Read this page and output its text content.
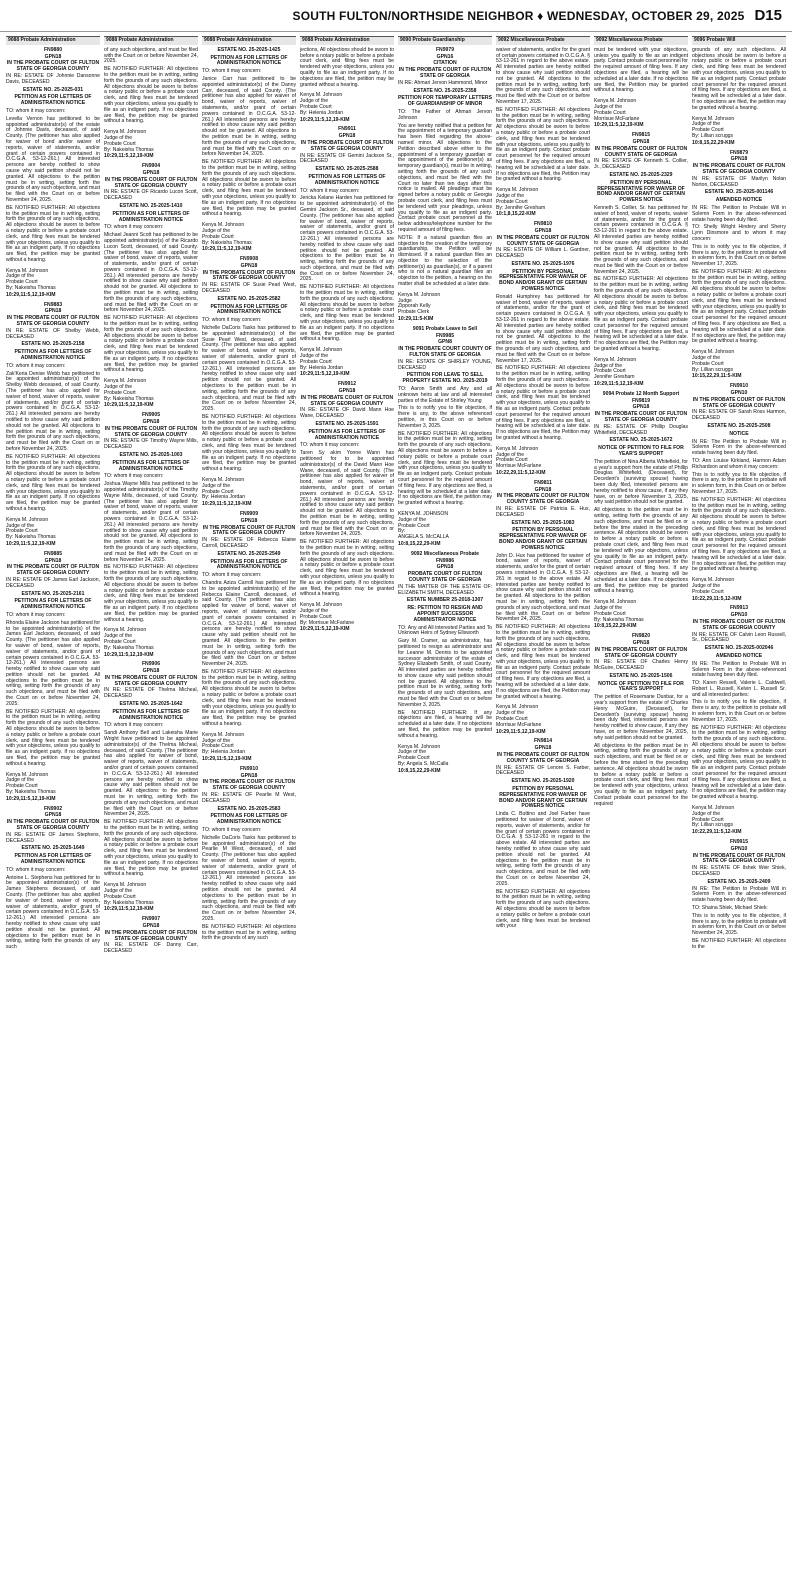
SOUTH FULTON/NORTHSIDE NEIGHBOR ♦ WEDNESDAY, OCTOBER 29, 2025 D15
9088 Probate Administration
FN9880
GPN18
IN THE PROBATE COURT OF FULTON STATE OF GEORGIA COUNTY

IN RE: ESTATE OF Johnnie Dansonne Davis, DECEASED

ESTATE NO. 25-2025-031
PETITION AS FOR LETTERS OF ADMINISTRATION NOTICE

TO: whom it may concern:

Levella Vernon has petitioned to be appointed administrator(s) of the estate of Johnnie Davis, deceased, of said County. (The petitioner has also applied for waiver of bond and/or waiver of reports, waiver of statements, and/or grant of certain powers contained in O.C.G.A. 53-12-261.) All interested persons are hereby notified to show cause why said petition should not be granted. All objections to the petition must be in writing, setting forth the grounds of any such objections, and must be filed with the Court on or before November 24, 2025.

BE NOTIFIED FURTHER: All objections to the petition must be in writing, setting forth the grounds of any such objections. All objections should be sworn to before a notary public or before a probate court clerk, and filing fees must be tendered with your objections, unless you qualify to file as an indigent party. If no objections are filed, the petition may be granted without a hearing.

Kenya M. Johnson
Judge of the
Probate Court
By: Nakeisha Thomas
10:29,11:5,12,19-KIM
FN9883
GPN18
IN THE PROBATE COURT OF FULTON STATE OF GEORGIA COUNTY

IN RE: ESTATE OF Shelby Webb, DECEASED

ESTATE NO. 25-2025-2158
PETITION AS FOR LETTERS OF ADMINISTRATION NOTICE

TO: whom it may concern:

Zak'Keria Denise Webb has petitioned to be appointed administrator(s) of the Shelby Webb deceased, of said County. (The petitioner has also applied for waiver of bond, waiver of reports, waiver of statements, and/or grant of certain powers contained in O.C.G.A. 53-12-261.) All interested persons are hereby notified to show cause why said petition should not be granted. All objections to the petition must be in writing, setting forth the grounds of any such objections, and must be filed with the Court on or before November 24, 2025.

BE NOTIFIED FURTHER: All objections to the petition must be in writing, setting forth the grounds of any such objections. All objections should be sworn to before a notary public or before a probate court clerk, and filing fees must be tendered with your objections, unless you qualify to file as an indigent party. If no objections are filed, the petition may be granted without a hearing.

Kenya M. Johnson
Judge of the
Probate Court
By: Nakeisha Thomas
10:29,11:5,12,19-KIM
FN9885
GPN18
IN THE PROBATE COURT OF FULTON STATE OF GEORGIA COUNTY

IN RE: ESTATE OF James Earl Jackson, DECEASED

ESTATE NO. 25-2025-2161
PETITION AS FOR LETTERS OF ADMINISTRATION NOTICE

TO: whom it may concern:

Rhonda Elaine Jackson has petitioned for to be appointed administrator(s) of the James Earl Jackson, deceased, of said County. (The petitioner has also applied for waiver of bond, waiver of reports, waiver of statements, and/or grant of certain powers contained in O.C.G.A. 53-12-261.) All interested persons are hereby notified to show cause why said petition should not be granted. All objections to the petition must be in writing, setting forth the grounds of any such objections, and must be filed with the Court on or before November 24, 2025.

BE NOTIFIED FURTHER: All objections to the petition must be in writing, setting forth the grounds of any such objections. All objections should be sworn to before a notary public or before a probate court clerk, and filing fees must be tendered with your objections, unless you qualify to file as an indigent party. If no objections are filed, the petition may be granted without a hearing.

Kenya M. Johnson
Judge of the
Probate Court
By: Nakeisha Thomas
10:29,11:5,12,19-KIM
FN9902
GPN18
IN THE PROBATE COURT OF FULTON STATE OF GEORGIA COUNTY

IN RE: ESTATE OF James Stephens, DECEASED

ESTATE NO. 25-2025-1649
PETITION AS FOR LETTERS OF ADMINISTRATION NOTICE

TO: whom it may concern:

Antoine L. Stephens has petitioned for to be appointed administrator(s) of the James Stephens deceased, of said County. (The petitioner has also applied for waiver of bond, waiver of reports, waiver of statements, and/or grant of certain powers contained in O.C.G.A. 53-12-261.) All interested persons are hereby notified to show cause why said petition should not be granted. All objections to the petition must be in writing, setting forth the grounds of any such

9088 Probate Administration

of any such objections, and must be filed with the Court on or before November 24, 2025.

BE NOTIFIED FURTHER: All objections to the petition must be in writing, setting forth the grounds of any such objections. All objections should be sworn to before a notary public or before a probate court clerk, and filing fees must be tendered with your objections, unless you qualify to file as an indigent party. If no objections are filed, the petition may be granted without a hearing.

Kenya M. Johnson
Judge of the
Probate Court
By: Nakeisha Thomas
10:29,11:5,12,19-KIM
FN9904
GPN18
IN THE PROBATE COURT OF FULTON STATE OF GEORGIA COUNTY

IN RE: ESTATE OF Ricardo Lucon Scott, DECEASED

ESTATE NO. 25-2025-1410
PETITION AS FOR LETTERS OF ADMINISTRATION NOTICE

TO: whom it may concern:

Michael Jeanni Scott has petitioned to be appointed administrator(s) of the Ricardo Lucon Scott, deceased, of said County. (The petitioner has also applied for waiver of bond, waiver of reports, waiver of statements, and/or grant of certain powers contained in O.C.G.A. 53-12-261.) All interested persons are hereby notified to show cause why said petition should not be granted. All objections to the petition must be in writing, setting forth the grounds of any such objections, and must be filed with the Court on or before November 24, 2025.

BE NOTIFIED FURTHER: All objections to the petition must be in writing, setting forth the grounds of any such objections. All objections should be sworn to before a notary public or before a probate court clerk, and filing fees must be tendered with your objections, unless you qualify to file as an indigent party. If no objections are filed, the petition may be granted without a hearing.

Kenya M. Johnson
Judge of the
Probate Court
By: Nakeisha Thomas
10:29,11:5,12,19-KIM
FN9905
GPN18
IN THE PROBATE COURT OF FULTON STATE OF GEORGIA COUNTY

IN RE: ESTATE OF Timothy Wayne Mills, DECEASED

ESTATE NO. 25-2025-1003
PETITION AS FOR LETTERS OF ADMINISTRATION NOTICE

TO: whom it may concern:

Joshua Wayne Mills has petitioned to be appointed administrator(s) of the Timothy Wayne Mills, deceased, of said County. (The petitioner has also applied for waiver of bond, waiver of reports, waiver of statements, and/or grant of certain powers contained in O.C.G.A. 53-12-261.) All interested persons are hereby notified to show cause why said petition should not be granted. All objections to the petition must be in writing, setting forth the grounds of any such objections, and must be filed with the Court on or before November 24, 2025.

BE NOTIFIED FURTHER: All objections to the petition must be in writing, setting forth the grounds of any such objections. All objections should be sworn to before a notary public or before a probate court clerk, and filing fees must be tendered with your objections, unless you qualify to file as an indigent party. If no objections are filed, the petition may be granted without a hearing.

Kenya M. Johnson
Judge of the
Probate Court
By: Nakeisha Thomas
10:29,11:5,12,19-KIM
FN9906
GPN18
IN THE PROBATE COURT OF FULTON STATE OF GEORGIA COUNTY

IN RE: ESTATE OF Thelma Micheal, DECEASED

ESTATE NO. 25-2025-1642
PETITION AS FOR LETTERS OF ADMINISTRATION NOTICE

TO: whom it may concern:

Sandi Anthony Bell and Lakeisha Marie Wright have petitioned to be appointed administrator(s) of the Thelma Micheal, deceased, of said County. (The petitioner has also applied for waiver of bond, waiver of reports, waiver of statements, and/or grant of certain powers contained in O.C.G.A. 53-12-261.) All interested persons are hereby notified to show cause why said petition should not be granted. All objections to the petition must be in writing, setting forth the grounds of any such objections, and must be filed with the Court on or before November 24, 2025.

BE NOTIFIED FURTHER: All objections to the petition must be in writing, setting forth the grounds of any such objections. All objections should be sworn to before a notary public or before a probate court clerk, and filing fees must be tendered with your objections, unless you qualify to file as an indigent party. If no objections are filed, the petition may be granted without a hearing.

Kenya M. Johnson
Judge of the
Probate Court
By: Nakeisha Thomas
10:29,11:5,12,19-KIM
FN9907
GPN18
IN THE PROBATE COURT OF FULTON STATE OF GEORGIA COUNTY

IN RE: ESTATE OF Danny Carr, DECEASED

9088 Probate Administration
ESTATE NO. 25-2025-1425
PETITION AS FOR LETTERS OF ADMINISTRATION NOTICE

TO: whom it may concern:

Janice Carr has petitioned to be appointed administrator(s) of the Danny Carr, deceased, of said County. (The petitioner has also applied for waiver of bond, waiver of reports, waiver of statements, and/or grant of certain powers contained in O.C.G.A. 53-12-261.) All interested persons are hereby notified to show cause why said petition should not be granted. All objections to the petition must be in writing, setting forth the grounds of any such objections, and must be filed with the Court on or before November 24, 2025.

BE NOTIFIED FURTHER: All objections to the petition must be in writing, setting forth the grounds of any such objections. All objections should be sworn to before a notary public or before a probate court clerk, and filing fees must be tendered with your objections, unless you qualify to file as an indigent party. If no objections are filed, the petition may be granted without a hearing.

Kenya M. Johnson
Judge of the
Probate Court
By: Nakeisha Thomas
10:29,11:5,12,19-KIM
FN9908
GPN18
IN THE PROBATE COURT OF FULTON STATE OF GEORGIA COUNTY

IN RE: ESTATE OF Susie Pearl West, DECEASED

ESTATE NO. 25-2025-2582
PETITION AS FOR LETTERS OF ADMINISTRATION NOTICE

TO: whom it may concern:

Nichelle DaCoris Tasks has petitioned to be appointed administrator(s) of the Susie Pearl West, deceased, of said County. (The petitioner has also applied for waiver of bond, waiver of reports, waiver of statements, and/or grant of certain powers contained in O.C.G.A. 53-12-261.) All interested persons are hereby notified to show cause why said petition should not be granted. All objections to the petition must be in writing, setting forth the grounds of any such objections, and must be filed with the Court on or before November 24, 2025.

BE NOTIFIED FURTHER: All objections to the petition must be in writing, setting forth the grounds of any such objections. All objections should be sworn to before a notary public or before a probate court clerk, and filing fees must be tendered with your objections, unless you qualify to file as an indigent party. If no objections are filed, the petition may be granted without a hearing.

Kenya M. Johnson
Judge of the
Probate Court
By: Helenia Jordan
10:29,11:5,12,19-KIM
FN9909
GPN18
IN THE PROBATE COURT OF FULTON STATE OF GEORGIA COUNTY

IN RE: ESTATE OF Rebecca Elaine Carroll, DECEASED

ESTATE NO. 25-2025-2549
PETITION AS FOR LETTERS OF ADMINISTRATION NOTICE

TO: whom it may concern:

Chandra Aziza Carroll has petitioned for to be appointed administrator(s) of the Rebecca Elaine Carroll, deceased, of said County. (The petitioner has also applied for waiver of bond, waiver of reports, waiver of statements, and/or grant of certain powers contained in O.C.G.A. 53-12-261.) All interested persons are hereby notified to show cause why said petition should not be granted. All objections to the petition must be in writing, setting forth the grounds of any such objections, and must be filed with the Court on or before November 24, 2025.

BE NOTIFIED FURTHER: All objections to the petition must be in writing, setting forth the grounds of any such objections. All objections should be sworn to before a notary public or before a probate court clerk, and filing fees must be tendered with your objections, unless you qualify to file as an indigent party. If no objections are filed, the petition may be granted without a hearing.

Kenya M. Johnson
Judge of the
Probate Court
By: Helenia Jordan
10:29,11:5,12,19-KIM
FN9910
GPN18
IN THE PROBATE COURT OF FULTON STATE OF GEORGIA COUNTY

IN RE: ESTATE OF Pearlie M West, DECEASED

ESTATE NO. 25-2025-2583
PETITION AS FOR LETTERS OF ADMINISTRATION NOTICE

TO: whom it may concern:

Nichelle DaCoris Tasks has petitioned to be appointed administrator(s) of the Pearlie M West, deceased, of said County. (The petitioner has also applied for waiver of bond, waiver of reports, waiver of statements, and/or grant of certain powers contained in O.C.G.A. 53-12-261.) All interested persons are hereby notified to show cause why said petition should not be granted. All objections to the petition must be in writing, setting forth the grounds of any such objections, and must be filed with the Court on or before November 24, 2025.

BE NOTIFIED FURTHER: All objections to the petition must be in writing, setting forth the grounds of any such

9088 Probate Administration

jections, All objections should be sworn to before a notary public or before a probate court clerk, and filing fees must be tendered with your objections, unless you qualify to file as an indigent party. If no objections are filed, the petition may be granted without a hearing.

Kenya M. Johnson
Judge of the
Probate Court
By: Helenia Jordan
10:29,11:5,12,19-KIM
FN9911
GPN18
IN THE PROBATE COURT OF FULTON STATE OF GEORGIA COUNTY

IN RE: ESTATE OF Gemini Jackson Sr., DECEASED

ESTATE NO. 25-2025-2588
PETITION AS FOR LETTERS OF ADMINISTRATION NOTICE

TO: whom it may concern:

Jericka Kelane Harden has petitioned for to be appointed administrator(s) of the Gemini Jackson Sr., deceased, of said County. (The petitioner has also applied for waiver of bond, waiver of reports, waiver of statements, and/or grant of certain powers contained in O.C.G.A. 53-12-261.) All interested persons are hereby notified to show cause why said petition should not be granted. All objections to the petition must be in writing, setting forth the grounds of any such objections, and must be filed with the Court on or before November 24, 2025.

BE NOTIFIED FURTHER: All objections to the petition must be in writing, setting forth the grounds of any such objections. All objections should be sworn to before a notary public or before a probate court clerk, and filing fees must be tendered with your objections, unless you qualify to file as an indigent party. If no objections are filed, the petition may be granted without a hearing.

Kenya M. Johnson
Judge of the
Probate Court
By: Helenia Jordan
10:29,11:5,12,19-KIM
FN9912
GPN18
IN THE PROBATE COURT OF FULTON STATE OF GEORGIA COUNTY

IN RE: ESTATE OF David Mann Hoe Wane, DECEASED

ESTATE NO. 25-2025-1591
PETITION AS FOR LETTERS OF ADMINISTRATION NOTICE

TO: whom it may concern:

Taren Sy akim Yonne Wann has petitioned for to be appointed administrator(s) of the David Mann Hoe Wane, deceased, of said County. (The petitioner has also applied for waiver of bond, waiver of reports, waiver of statements, and/or grant of certain powers contained in O.C.G.A. 53-12-261.) All interested persons are hereby notified to show cause why said petition should not be granted. All objections to the petition must be in writing, setting forth the grounds of any such objections, and must be filed with the Court on or before November 24, 2025.

BE NOTIFIED FURTHER: All objections to the petition must be in writing, setting forth the grounds of any such objections. All objections should be sworn to before a notary public or before a probate court clerk, and filing fees must be tendered with your objections, unless you qualify to file as an indigent party. If no objections are filed, the petition may be granted without a hearing.

Kenya M. Johnson
Judge of the
Probate Court
By: Morrisue McFarlane
10:29,11:5,12,19-KIM
9090 Probate Guardianship
FN9979
GPN16
CITATION
IN THE PROBATE COURT OF FULTON STATE OF GEORGIA

IN RE: Ahmari Jervon Hammond, Minor

ESTATE NO. 25-2025-2358
PETITION FOR TEMPORARY LETTERS OF GUARDIANSHIP OF MINOR

TO: The Father of Ahmari Jervon Johnson

You are hereby notified that a petition for the appointment of a temporary guardian has been filed regarding the above-named minor. All objections to the Petition described above either to the appointment of a temporary guardian or the appointment of the petitioner(s) as temporary guardian(s), must be in writing, setting forth the grounds of any such objections, and must be filed with the Court no later than ten days after this notice is mailed. All pleadings must be signed before a notary public or Georgia probate court clerk, and filing fees must be tendered with your pleadings, unless you qualify to file as an indigent party. Contact probate court personnel at the below address/telephone number for the required amount of filing fees.

NOTE: If a natural guardian files an objection to the creation of the temporary guardianship, the Petition will be dismissed. If a natural guardian files an objection to the selection of the petitioner(s) as guardian(s), or if a parent who is not a natural guardian files an objection to the petition, a hearing on the matter shall be scheduled at a later date.

Kenya M. Johnson
Judge
Zipporah Kelly
Probate Clerk
10:29,11:5-KIM
9091 Probate Leave to Sell
FN9985
GPN8
IN THE PROBATE COURT COUNTY OF FULTON STATE OF GEORGIA

IN RE: ESTATE OF SHIRLEY YOUNG, DECEASED

PETITION FOR LEAVE TO SELL PROPERTY ESTATE NO. 2025-2019

TO: Aaron Smith and Any and all unknown heirs at law and all interested parties of the Estate of Shirley Young

This is to notify you to file objection, if there is any, to the above referenced petition, in this Court on or before November 3, 2025.

BE NOTIFIED FURTHER: All objections to the petition must be in writing, setting forth the grounds of any such objections. All objections must be sworn to before a notary public or before a probate court clerk, and filing fees must be tendered with your objections, unless you qualify to file as an indigent party. Contact probate court personnel for the required amount of filing fees. If any objections are filed, a hearing will be scheduled at a later date. If no objections are filed, the petition may be granted without a hearing.

KENYA M. JOHNSON
Judge of the
Probate Court
By:
ANGELA S. McCALLA
10:8,15,22,29-KIM
9092 Miscellaneous Probate
FN9986
GPN18
PROBATE COURT OF FULTON COUNTY STATE OF GEORGIA

IN THE MATTER OF THE ESTATE OF: ELIZABETH SMITH, DECEASED

ESTATE NUMBER 25-2018-1307
RE: PETITION TO RESIGN AND APPOINT SUCCESSOR ADMINISTRATOR NOTICE

TO: Any and All interested Parties and To Unknown Heirs of Sydney Ellsworth

Gary M. Cramer, as administrator, has petitioned to resign as administrator and for Leanne M. Dennis to be appointed successor administrator of the estate of Sydney Elizabeth Smith, of said County. All interested parties are hereby notified to show cause why said petition should not be granted. All objections to the petition must be in writing, setting forth the grounds of any such objections, and must be filed with the Court on or before November 3, 2025.

BE NOTIFIED FURTHER: If any objections are filed, a hearing will be scheduled at a later date. If no objections are filed, the petition may be granted without a hearing.

Kenya M. Johnson
Judge of the
Probate Court
By: Angela S. McCalla
10:8,15,22,29-KIM
9092 Miscellaneous Probate

waiver of statements, and/or for the grant of certain powers contained in O.C.G.A. § 53-12-261 in regard to the above estate. All interested parties are hereby notified to show cause why said petition should not be granted. All objections to the petition must be in writing, setting forth the grounds of any such objections, and must be filed with the Court on or before November 17, 2025.

BE NOTIFIED FURTHER: All objections to the petition must be in writing, setting forth the grounds of any such objections. All objections should be sworn to before a notary public or before a probate court clerk, and filing fees must be tendered with your objections, unless you qualify to file as an indigent party. Contact probate court personnel for the required amount of filing fees. If any objections are filed, a hearing will be scheduled at a later date. If no objections are filed, the Petition may be granted without a hearing.

Kenya M. Johnson
Judge of the
Probate Court
By: Jennifer Gresham
10:1,8,15,22-KIM
FN9810
GPN18
IN THE PROBATE COURT OF FULTON COUNTY STATE OF GEORGIA

IN RE: ESTATE OF William L. Gardner, DECEASED

ESTATE NO. 25-2025-1976
PETITION BY PERSONAL REPRESENTATIVE FOR WAIVER OF BOND AND/OR GRANT OF CERTAIN POWERS NOTICE

Ronald Humphrey has petitioned for waiver of bond, waiver of reports, waiver of statements, and/or for the grant of certain powers contained in O.C.G.A. § 53-12-261 in regard to the above estate. All interested parties are hereby notified to show cause why said petition should not be granted. All objections to the petition must be in writing, setting forth the grounds of any such objections, and must be filed with the Court on or before November 17, 2025.

BE NOTIFIED FURTHER: All objections to the petition must be in writing, setting forth the grounds of any such objections. All objections should be sworn to before a notary public or before a probate court clerk, and filing fees must be tendered with your objections, unless you qualify to file as an indigent party. Contact probate court personnel for the required amount of filing fees. If any objections are filed, a hearing will be scheduled at a later date. If no objections are filed, the Petition may be granted without a hearing.

Kenya M. Johnson
Judge of the
Probate Court
Morrisue McFarlane
10:22,29,11:5,12-KIM
FN9811
GPN18
IN THE PROBATE COURT OF FULTON COUNTY STATE OF GEORGIA

IN RE: ESTATE OF Patricia E. Hux, DECEASED

ESTATE NO. 25-2025-1083
PETITION BY PERSONAL REPRESENTATIVE FOR WAIVER OF BOND AND/OR GRANT OF CERTAIN POWERS NOTICE

John D. Hux has petitioned for waiver of bond, waiver of reports, waiver of statements, and/or for the grant of certain powers contained in O.C.G.A. § 53-12-261 in regard to the above estate. All interested parties are hereby notified to show cause why said petition should not be granted. All objections to the petition must be in writing, setting forth the grounds of any such objections, and must be filed with the Court on or before November 24, 2025.

BE NOTIFIED FURTHER: All objections to the petition must be in writing, setting forth the grounds of any such objections. All objections should be sworn to before a notary public or before a probate court clerk, and filing fees must be tendered with your objections, unless you qualify to file as an indigent party. Contact probate court personnel for the required amount of filing fees. If any objections are filed, a hearing will be scheduled at a later date. If no objections are filed, the Petition may be granted without a hearing.

Kenya M. Johnson
Judge of the
Probate Court
Morrisue McFarlane
10:29,11:5,12,19-KIM
FN9814
GPN18
IN THE PROBATE COURT OF FULTON COUNTY STATE OF GEORGIA

IN RE: ESTATE OF Lenore S. Farber, DECEASED

ESTATE NO. 25-2025-1920
PETITION BY PERSONAL REPRESENTATIVE FOR WAIVER OF BOND AND/OR GRANT OF CERTAIN POWERS NOTICE

Linda C. Buttino and Joel Farber have petitioned for waiver of bond, waiver of reports, waiver of statements, and/or for the grant of certain powers contained in O.C.G.A. § 53-12-261 in regard to the above estate. All interested parties are hereby notified to show cause why said petition should not be granted. All objections to the petition must be in writing, setting forth the grounds of any such objections, and must be filed with the Court on or before November 24, 2025.

BE NOTIFIED FURTHER: All objections to the petition must be in writing, setting forth the grounds of any such objections. All objections should be sworn to before a notary public or before a probate court clerk, and filing fees must be tendered with your

9092 Miscellaneous Probate

must be tendered with your objections, unless you qualify to file as an indigent party. Contact probate court personnel for the required amount of filing fees. If any objections are filed, a hearing will be scheduled at a later date. If no objections are filed, the Petition may be granted without a hearing.

Kenya M. Johnson
Judge of the
Probate Court
Morrisue McFarlane
10:29,11:5,12,19-KIM
FN9815
GPN18
IN THE PROBATE COURT OF FULTON COUNTY STATE OF GEORGIA

IN RE: ESTATE OF Kenneth S. Collier, Jr., DECEASED

ESTATE NO. 25-2025-2329
PETITION BY PERSONAL REPRESENTATIVE FOR WAIVER OF BOND AND/OR GRANT OF CERTAIN POWERS NOTICE

Kenneth S. Collier, Sr. has petitioned for waiver of bond, waiver of reports, waiver of statements, and/or for the grant of certain powers contained in O.C.G.A. § 53-12-261 in regard to the above estate. All interested parties are hereby notified to show cause why said petition should not be granted. All objections to the petition must be in writing, setting forth the grounds of any such objections, and must be filed with the Court on or before November 24, 2025.

BE NOTIFIED FURTHER: All objections to the petition must be in writing, setting forth the grounds of any such objections. All objections should be sworn to before a notary public or before a probate court clerk, and filing fees must be tendered with your objections, unless you qualify to file as an indigent party. Contact probate court personnel for the required amount of filing fees. If any objections are filed, a hearing will be scheduled at a later date. If no objections are filed, the Petition may be granted without a hearing.

Kenya M. Johnson
Judge of the
Probate Court
Jennifer Gresham
10:29,11:5,12,19-KIM
9094 Probate 12 Month Support
FN9819
GPN18
IN THE PROBATE COURT OF FULTON STATE OF GEORGIA COUNTY

IN RE: ESTATE OF Phillip Douglas Whitefield, DECEASED

ESTATE NO. 25-2025-1672
NOTICE OF PETITION TO FILE FOR YEAR'S SUPPORT

The petition of Nina Alberta Whitefield, for a year's support from the estate of Phillip Douglas Whitefield, (Deceased), for Decedent's (surviving spouse) having been duly filed, interested persons are hereby notified to show cause, if any they have, on or before November 3, 2025, why said petition should not be granted.

All objections to the petition must be in writing, setting forth the grounds of any such objections, and must be filed on or before the time stated in the preceding sentence. All objections should be sworn to before a notary public or before a probate court clerk, and filing fees must be tendered with your objections, unless you qualify to file as an indigent party. Contact probate court personnel for the required amount of filing fees. If any objections are filed, a hearing will be scheduled at a later date. If no objections are filed, the petition may be granted without a hearing.

Kenya M. Johnson
Judge of the
Probate Court
By: Nakeisha Thomas
10:8,15,22,29-KIM
FN9820
GPN18
IN THE PROBATE COURT OF FULTON STATE OF GEORGIA COUNTY

IN RE: ESTATE OF Charles Henry McGuire, DECEASED

ESTATE NO. 25-2025-1506
NOTICE OF PETITION TO FILE FOR YEAR'S SUPPORT

The petition of Rosemarie Dunbar, for a year's support from the estate of Charles Henry McGuire, (Deceased), for Decedent's (surviving spouse) having been duly filed, interested persons are hereby notified to show cause, if any they have, on or before November 24, 2025, why said petition should not be granted.

All objections to the petition must be in writing, setting forth the grounds of any such objections, and must be filed on or before the time stated in the preceding sentence. All objections should be sworn to before a notary public or before a probate court clerk, and filing fees must be tendered with your objections, unless you qualify to file as an indigent party. Contact probate court personnel for the required

9096 Probate Will

grounds of any such objections. All objections should be sworn to before a notary public or before a probate court clerk, and filing fees must be tendered with your objections, unless you qualify to file as an indigent party. Contact probate court personnel for the required amount of filing fees. If any objections are filed, a hearing will be scheduled at a later date. If no objections are filed, the petition may be granted without a hearing.

Kenya M. Johnson
Judge of the
Probate Court
By: Lillian scruggs
10:8,15,22,29-KIM
FN9879
GPN18
IN THE PROBATE COURT OF FULTON STATE OF GEORGIA COUNTY

IN RE: ESTATE OF Marilyn Nolan Norton, DECEASED

ESTATE NO. 25-2025-001146
AMENDED NOTICE

IN RE: The Petition to Probate Will in Solemn Form in the above-referenced estate having been duly filed.

TO: Shelly Wright Hindery and Sherry Lynn Dinsmore and to whom it may concern:

This is to notify you to file objection, if there is any, to the petition to probate will in solemn form, in this Court on or before November 17, 2025.

BE NOTIFIED FURTHER: All objections to the petition must be in writing, setting forth the grounds of any such objections. All objections should be sworn to before a notary public or before a probate court clerk, and filing fees must be tendered with your objections, unless you qualify to file as an indigent party. Contact probate court personnel for the required amount of filing fees. If any objections are filed, a hearing will be scheduled at a later date. If no objections are filed, the petition may be granted without a hearing.

Kenya M. Johnson
Judge of the
Probate Court
By: Lillian scruggs
10:15,22,29,11:5-KIM
FN9910
GPN10
IN THE PROBATE COURT OF FULTON STATE OF GEORGIA COUNTY

IN RE: ESTATE OF Sarah Ross Harmon, DECEASED

ESTATE NO. 25-2025-2508
NOTICE

IN RE: The Petition to Probate Will in Solemn Form in the above-referenced estate having been duly filed.

TO: Ann Louise Kirkland, Harmon Adam Richardson and whom it may concern:

This is to notify you to file objection, if there is any, to the petition to probate will in solemn form, in this Court on or before November 17, 2025.

BE NOTIFIED FURTHER: All objections to the petition must be in writing, setting forth the grounds of any such objections. All objections should be sworn to before a notary public or before a probate court clerk, and filing fees must be tendered with your objections, unless you qualify to file as an indigent party. Contact probate court personnel for the required amount of filing fees. If any objections are filed, a hearing will be scheduled at a later date. If no objections are filed, the petition may be granted without a hearing.

Kenya M. Johnson
Judge of the
Probate Court
10:22,29,11:5,12-KIM
FN9913
GPN10
IN THE PROBATE COURT OF FULTON STATE OF GEORGIA COUNTY

IN RE: ESTATE OF Calvin Leon Russell, Sr., DECEASED

ESTATE NO. 25-2025-002046
AMENDED NOTICE

IN RE: The Petition to Probate Will in Solemn Form in the above-referenced estate having been duly filed.

TO: Karen Ressell, Valerie L. Caldwell, Robert L. Russell, Kelvin L. Russell Sr. and all interested parties:

This is to notify you to file objection, if there is any, to the petition to probate will in solemn form, in this Court on or before November 17, 2025.

BE NOTIFIED FURTHER: All objections to the petition must be in writing, setting forth the grounds of any such objections. All objections should be sworn to before a notary public or before a probate court clerk, and filing fees must be tendered with your objections, unless you qualify to file as an indigent party. Contact probate court personnel for the required amount of filing fees. If any objections are filed, a hearing will be scheduled at a later date. If no objections are filed, the petition may be granted without a hearing.

Kenya M. Johnson
Judge of the
Probate Court
By: Lillian scruggs
10:22,29,11:5,12-KIM
FN9915
GPN10
IN THE PROBATE COURT OF FULTON STATE OF GEORGIA COUNTY

IN RE: ESTATE OF Ilshek Weir Shiek, DECEASED

ESTATE NO. 25-2025-2409

IN RE: The Petition to Probate Will in Solemn Form in the above-referenced estate having been duly filed.

TO: Shaina Shiek, Michael Shiek:

This is to notify you to file objection, if there is any, to the petition to probate will in solemn form, in this Court on or before November 24, 2025.

BE NOTIFIED FURTHER: All objections to the
